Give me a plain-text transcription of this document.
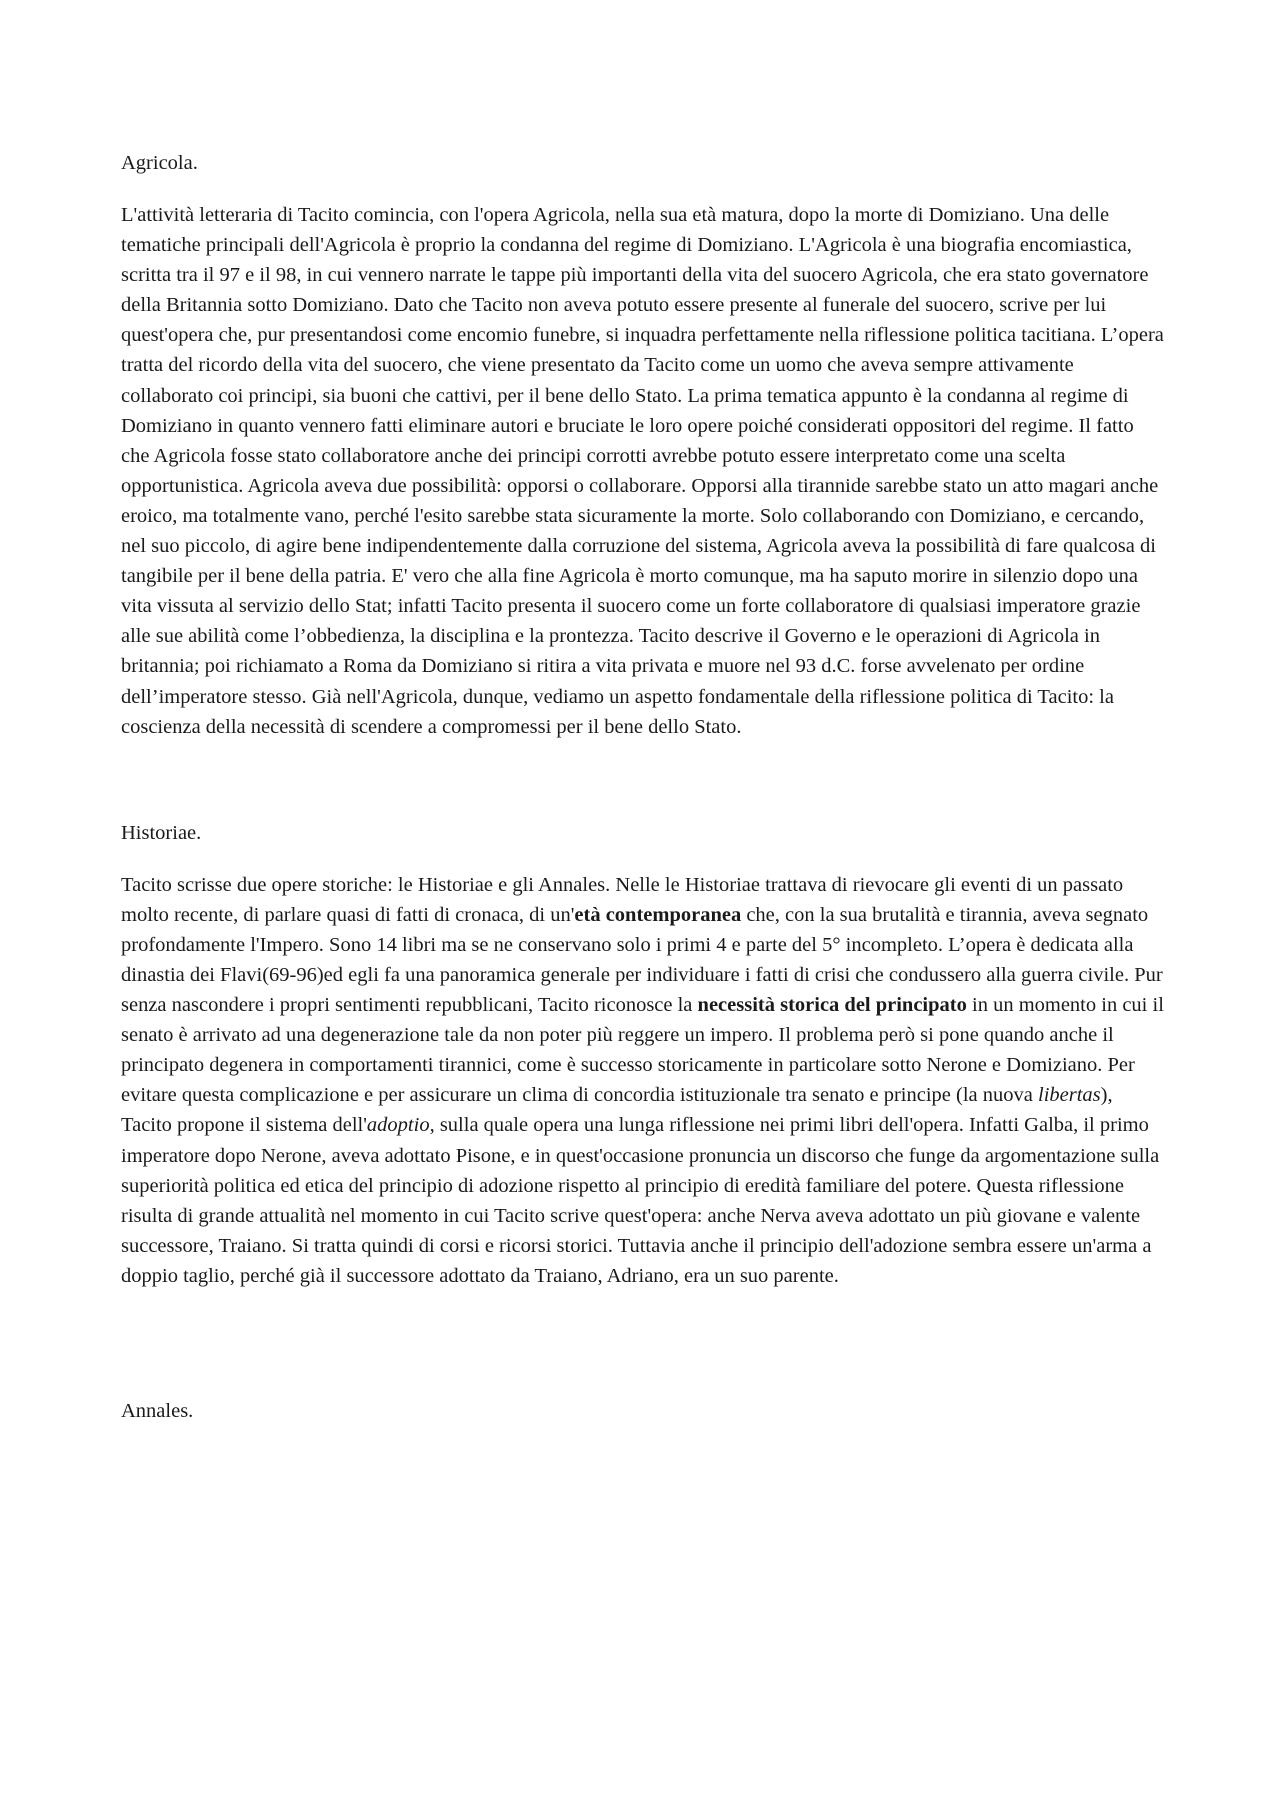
Agricola.

L'attività letteraria di Tacito comincia, con l'opera Agricola, nella sua età matura, dopo la morte di Domiziano. Una delle tematiche principali dell'Agricola è proprio la condanna del regime di Domiziano. L'Agricola è una biografia encomiastica, scritta tra il 97 e il 98, in cui vennero narrate le tappe più importanti della vita del suocero Agricola, che era stato governatore della Britannia sotto Domiziano. Dato che Tacito non aveva potuto essere presente al funerale del suocero, scrive per lui quest'opera che, pur presentandosi come encomio funebre, si inquadra perfettamente nella riflessione politica tacitiana. L’opera tratta del ricordo della vita del suocero, che viene presentato da Tacito come un uomo che aveva sempre attivamente collaborato coi principi, sia buoni che cattivi, per il bene dello Stato. La prima tematica appunto è la condanna al regime di Domiziano in quanto vennero fatti eliminare autori e bruciate le loro opere poiché considerati oppositori del regime. Il fatto che Agricola fosse stato collaboratore anche dei principi corrotti avrebbe potuto essere interpretato come una scelta opportunistica. Agricola aveva due possibilità: opporsi o collaborare. Opporsi alla tirannide sarebbe stato un atto magari anche eroico, ma totalmente vano, perché l'esito sarebbe stata sicuramente la morte. Solo collaborando con Domiziano, e cercando, nel suo piccolo, di agire bene indipendentemente dalla corruzione del sistema, Agricola aveva la possibilità di fare qualcosa di tangibile per il bene della patria. E' vero che alla fine Agricola è morto comunque, ma ha saputo morire in silenzio dopo una vita vissuta al servizio dello Stat; infatti Tacito presenta il suocero come un forte collaboratore di qualsiasi imperatore grazie alle sue abilità come l’obbedienza, la disciplina e la prontezza. Tacito descrive il Governo e le operazioni di Agricola in britannia; poi richiamato a Roma da Domiziano si ritira a vita privata e muore nel 93 d.C. forse avvelenato per ordine dell’imperatore stesso. Già nell'Agricola, dunque, vediamo un aspetto fondamentale della riflessione politica di Tacito: la coscienza della necessità di scendere a compromessi per il bene dello Stato.

Historiae.

Tacito scrisse due opere storiche: le Historiae e gli Annales. Nelle le Historiae trattava di rievocare gli eventi di un passato molto recente, di parlare quasi di fatti di cronaca, di un'età contemporanea che, con la sua brutalità e tirannia, aveva segnato profondamente l'Impero. Sono 14 libri ma se ne conservano solo i primi 4 e parte del 5° incompleto. L’opera è dedicata alla dinastia dei Flavi(69-96)ed egli fa una panoramica generale per individuare i fatti di crisi che condussero alla guerra civile. Pur senza nascondere i propri sentimenti repubblicani, Tacito riconosce la necessità storica del principato in un momento in cui il senato è arrivato ad una degenerazione tale da non poter più reggere un impero. Il problema però si pone quando anche il principato degenera in comportamenti tirannici, come è successo storicamente in particolare sotto Nerone e Domiziano. Per evitare questa complicazione e per assicurare un clima di concordia istituzionale tra senato e principe (la nuova libertas), Tacito propone il sistema dell'adoptio, sulla quale opera una lunga riflessione nei primi libri dell'opera. Infatti Galba, il primo imperatore dopo Nerone, aveva adottato Pisone, e in quest'occasione pronuncia un discorso che funge da argomentazione sulla superiorità politica ed etica del principio di adozione rispetto al principio di eredità familiare del potere. Questa riflessione risulta di grande attualità nel momento in cui Tacito scrive quest'opera: anche Nerva aveva adottato un più giovane e valente successore, Traiano. Si tratta quindi di corsi e ricorsi storici. Tuttavia anche il principio dell'adozione sembra essere un'arma a doppio taglio, perché già il successore adottato da Traiano, Adriano, era un suo parente.

Annales.
